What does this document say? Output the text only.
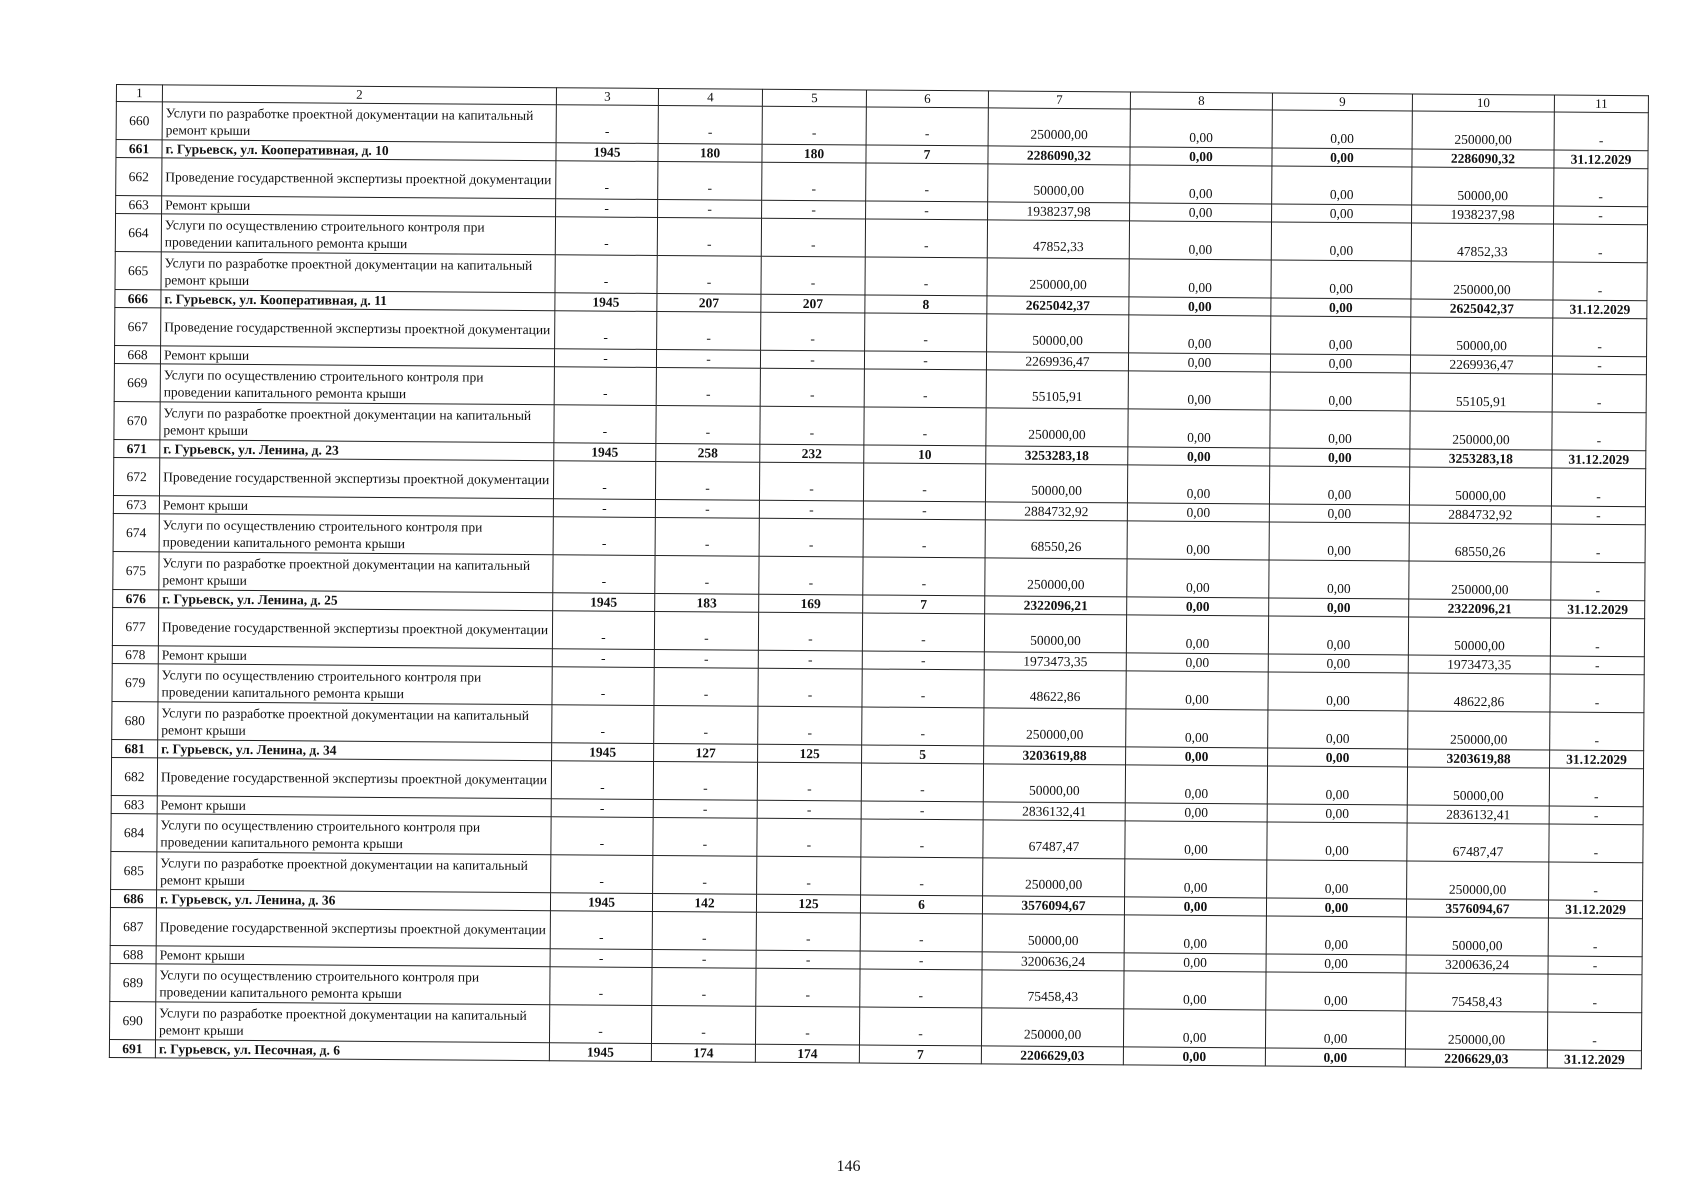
1	2	3	4	5	6	7	8	9	10	11
660	Услуги по разработке проектной документации на капитальный ремонт крыши	-	-	-	-	250000,00	0,00	0,00	250000,00	-
661	г. Гурьевск, ул. Кооперативная, д. 10	1945	180	180	7	2286090,32	0,00	0,00	2286090,32	31.12.2029
662	Проведение государственной экспертизы проектной документации	-	-	-	-	50000,00	0,00	0,00	50000,00	-
663	Ремонт крыши	-	-	-	-	1938237,98	0,00	0,00	1938237,98	-
664	Услуги по осуществлению строительного контроля при проведении капитального ремонта крыши	-	-	-	-	47852,33	0,00	0,00	47852,33	-
665	Услуги по разработке проектной документации на капитальный ремонт крыши	-	-	-	-	250000,00	0,00	0,00	250000,00	-
666	г. Гурьевск, ул. Кооперативная, д. 11	1945	207	207	8	2625042,37	0,00	0,00	2625042,37	31.12.2029
667	Проведение государственной экспертизы проектной документации	-	-	-	-	50000,00	0,00	0,00	50000,00	-
668	Ремонт крыши	-	-	-	-	2269936,47	0,00	0,00	2269936,47	-
669	Услуги по осуществлению строительного контроля при проведении капитального ремонта крыши	-	-	-	-	55105,91	0,00	0,00	55105,91	-
670	Услуги по разработке проектной документации на капитальный ремонт крыши	-	-	-	-	250000,00	0,00	0,00	250000,00	-
671	г. Гурьевск, ул. Ленина, д. 23	1945	258	232	10	3253283,18	0,00	0,00	3253283,18	31.12.2029
672	Проведение государственной экспертизы проектной документации	-	-	-	-	50000,00	0,00	0,00	50000,00	-
673	Ремонт крыши	-	-	-	-	2884732,92	0,00	0,00	2884732,92	-
674	Услуги по осуществлению строительного контроля при проведении капитального ремонта крыши	-	-	-	-	68550,26	0,00	0,00	68550,26	-
675	Услуги по разработке проектной документации на капитальный ремонт крыши	-	-	-	-	250000,00	0,00	0,00	250000,00	-
676	г. Гурьевск, ул. Ленина, д. 25	1945	183	169	7	2322096,21	0,00	0,00	2322096,21	31.12.2029
677	Проведение государственной экспертизы проектной документации	-	-	-	-	50000,00	0,00	0,00	50000,00	-
678	Ремонт крыши	-	-	-	-	1973473,35	0,00	0,00	1973473,35	-
679	Услуги по осуществлению строительного контроля при проведении капитального ремонта крыши	-	-	-	-	48622,86	0,00	0,00	48622,86	-
680	Услуги по разработке проектной документации на капитальный ремонт крыши	-	-	-	-	250000,00	0,00	0,00	250000,00	-
681	г. Гурьевск, ул. Ленина, д. 34	1945	127	125	5	3203619,88	0,00	0,00	3203619,88	31.12.2029
682	Проведение государственной экспертизы проектной документации	-	-	-	-	50000,00	0,00	0,00	50000,00	-
683	Ремонт крыши	-	-	-	-	2836132,41	0,00	0,00	2836132,41	-
684	Услуги по осуществлению строительного контроля при проведении капитального ремонта крыши	-	-	-	-	67487,47	0,00	0,00	67487,47	-
685	Услуги по разработке проектной документации на капитальный ремонт крыши	-	-	-	-	250000,00	0,00	0,00	250000,00	-
686	г. Гурьевск, ул. Ленина, д. 36	1945	142	125	6	3576094,67	0,00	0,00	3576094,67	31.12.2029
687	Проведение государственной экспертизы проектной документации	-	-	-	-	50000,00	0,00	0,00	50000,00	-
688	Ремонт крыши	-	-	-	-	3200636,24	0,00	0,00	3200636,24	-
689	Услуги по осуществлению строительного контроля при проведении капитального ремонта крыши	-	-	-	-	75458,43	0,00	0,00	75458,43	-
690	Услуги по разработке проектной документации на капитальный ремонт крыши	-	-	-	-	250000,00	0,00	0,00	250000,00	-
691	г. Гурьевск, ул. Песочная, д. 6	1945	174	174	7	2206629,03	0,00	0,00	2206629,03	31.12.2029
146
